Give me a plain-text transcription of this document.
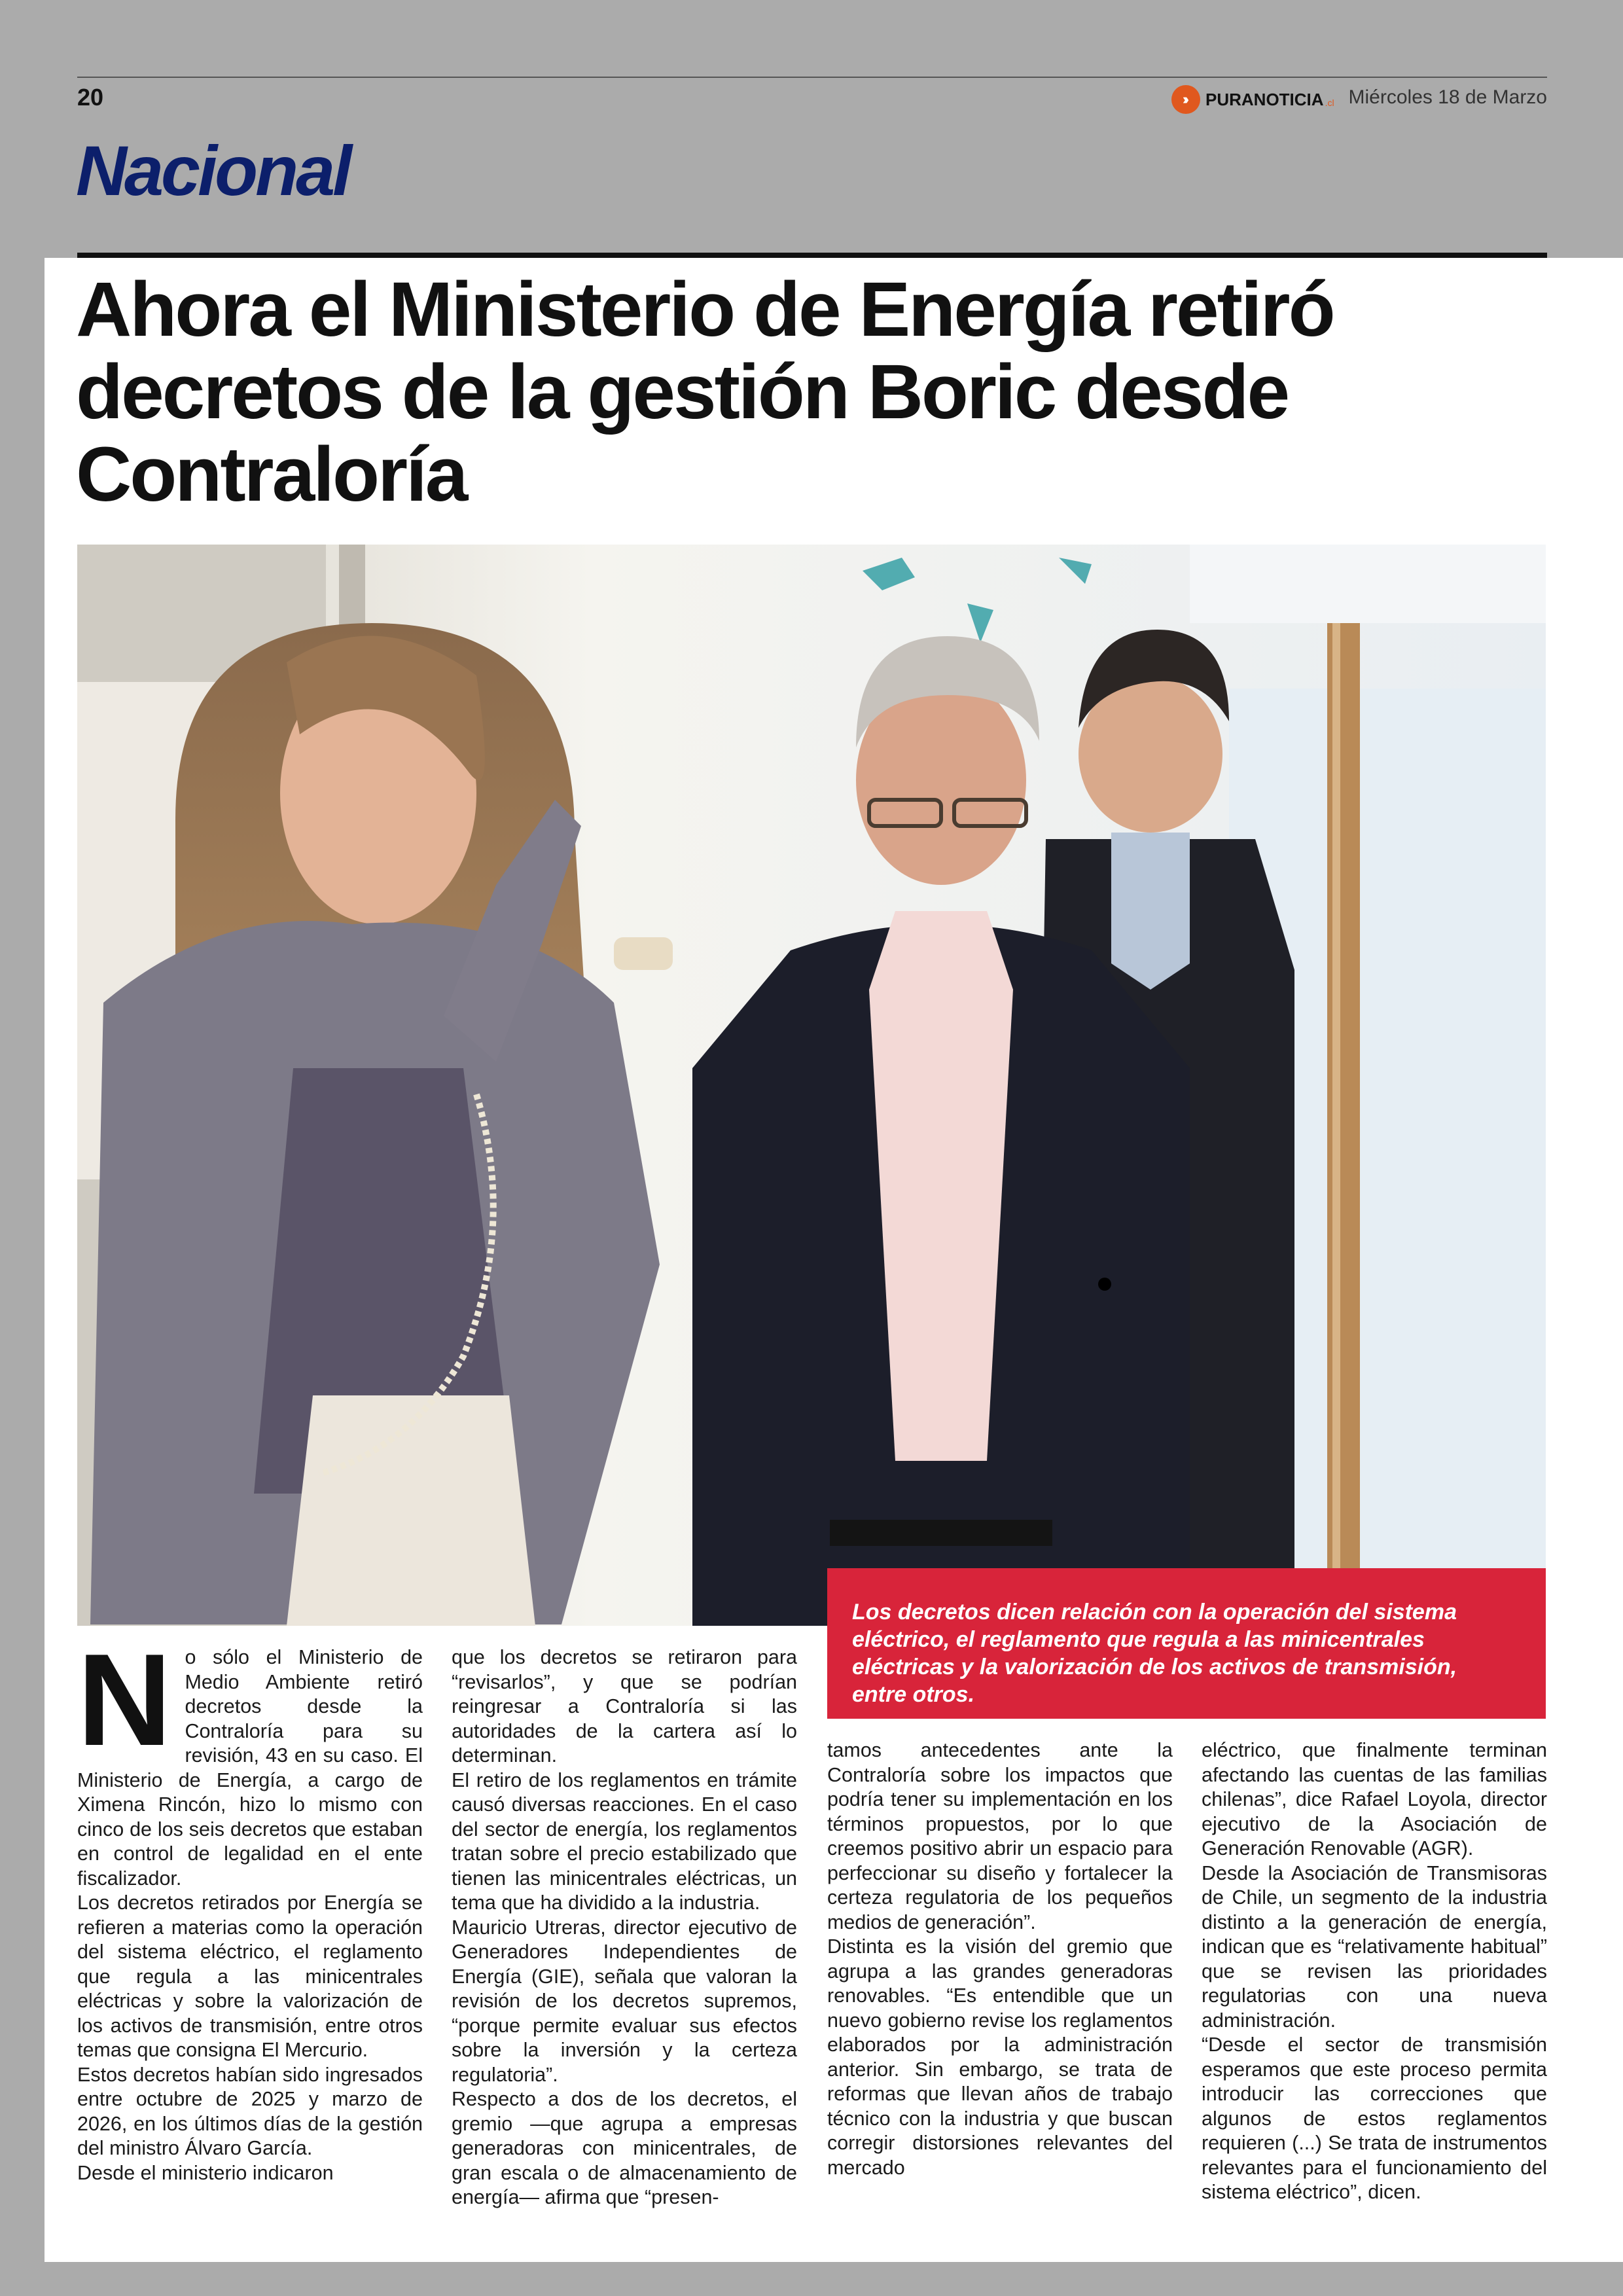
20	›››	PURANOTICIA .cl Miércoles 18 de Marzo
Nacional
Ahora el Ministerio de Energía retiró decretos de la gestión Boric desde Contraloría
Los decretos dicen relación con la operación del sistema eléctrico, el reglamento que regula a las minicentrales eléctricas y la valorización de los activos de transmisión, entre otros.
N o sólo el Ministerio de Medio Ambiente retiró decretos desde la Contraloría para su revisión, 43 en su caso. El Ministerio de Energía, a cargo de Ximena Rincón, hizo lo mismo con cinco de los seis decretos que estaban en control de legalidad en el ente fiscalizador.

Los decretos retirados por Energía se refieren a materias como la operación del sistema eléctrico, el reglamento que regula a las minicentrales eléctricas y sobre la valorización de los activos de transmisión, entre otros temas que consigna El Mercurio.

Estos decretos habían sido ingresados entre octubre de 2025 y marzo de 2026, en los últimos días de la gestión del ministro Álvaro García.

Desde el ministerio indicaron

que los decretos se retiraron para “revisarlos”, y que se podrían reingresar a Contraloría si las autoridades de la cartera así lo determinan.

El retiro de los reglamentos en trámite causó diversas reacciones. En el caso del sector de energía, los reglamentos tratan sobre el precio estabilizado que tienen las minicentrales eléctricas, un tema que ha dividido a la industria.

Mauricio Utreras, director ejecutivo de Generadores Independientes de Energía (GIE), señala que valoran la revisión de los decretos supremos, “porque permite evaluar sus efectos sobre la inversión y la certeza regulatoria”.

Respecto a dos de los decretos, el gremio —que agrupa a empresas generadoras con minicentrales, de gran escala o de almacenamiento de energía— afirma que “presen-

tamos antecedentes ante la Contraloría sobre los impactos que podría tener su implementación en los términos propuestos, por lo que creemos positivo abrir un espacio para perfeccionar su diseño y fortalecer la certeza regulatoria de los pequeños medios de generación”.

Distinta es la visión del gremio que agrupa a las grandes generadoras renovables. “Es entendible que un nuevo gobierno revise los reglamentos elaborados por la administración anterior. Sin embargo, se trata de reformas que llevan años de trabajo técnico con la industria y que buscan corregir distorsiones relevantes del mercado

eléctrico, que finalmente terminan afectando las cuentas de las familias chilenas”, dice Rafael Loyola, director ejecutivo de la Asociación de Generación Renovable (AGR).

Desde la Asociación de Transmisoras de Chile, un segmento de la industria distinto a la generación de energía, indican que es “relativamente habitual” que se revisen las prioridades regulatorias con una nueva administración.

“Desde el sector de transmisión esperamos que este proceso permita introducir las correcciones que algunos de estos reglamentos requieren (...) Se trata de instrumentos relevantes para el funcionamiento del sistema eléctrico”, dicen.
